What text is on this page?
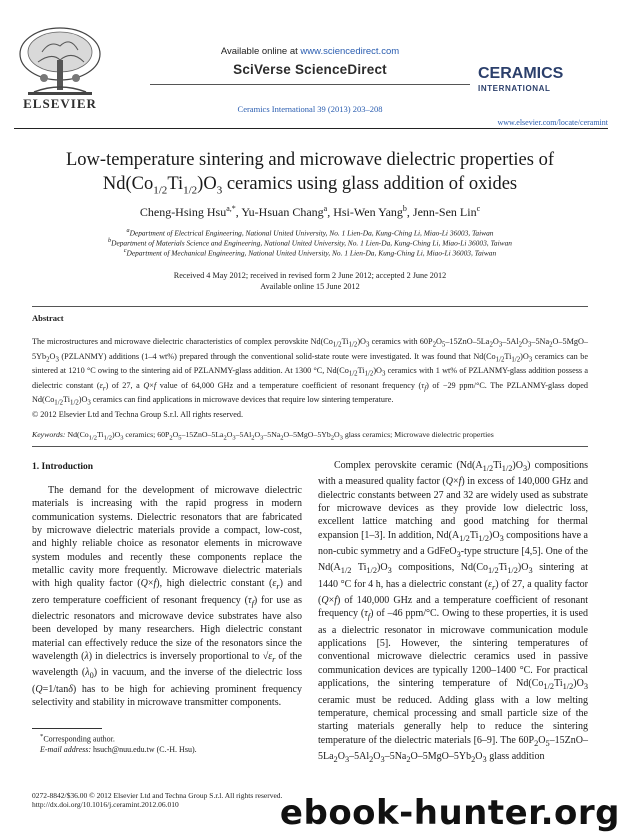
ELSEVIER
Available online at www.sciencedirect.com
SciVerse ScienceDirect
Ceramics International 39 (2013) 203–208
CERAMICS
INTERNATIONAL
www.elsevier.com/locate/ceramint
Low-temperature sintering and microwave dielectric properties of
$Nd(Co_{1/2}Ti_{1/2})O_3$ ceramics using glass addition of oxides
Cheng-Hsing Hsu$^{a,*}$, Yu-Hsuan Chang$^a$, Hsi-Wen Yang$^b$, Jenn-Sen Lin$^c$
$^a$Department of Electrical Engineering, National United University, No. 1 Lien-Da, Kung-Ching Li, Miao-Li 36003, Taiwan
$^b$Department of Materials Science and Engineering, National United University, No. 1 Lien-Da, Kung-Ching Li, Miao-Li 36003, Taiwan
$^c$Department of Mechanical Engineering, National United University, No. 1 Lien-Da, Kung-Ching Li, Miao-Li 36003, Taiwan
Received 4 May 2012; received in revised form 2 June 2012; accepted 2 June 2012
Available online 15 June 2012
Abstract
The microstructures and microwave dielectric characteristics of complex perovskite $Nd(Co_{1/2}Ti_{1/2})O_3$ ceramics with $60P_2O_5-15ZnO-5La_2O_3-5Al_2O_3-5Na_2O-5MgO-5Yb_2O_3$ (PZLANMY) additions (1–4 wt%) prepared through the conventional solid-state route were investigated. It was found that $Nd(Co_{1/2}Ti_{1/2})O_3$ ceramics can be sintered at 1210 °C owing to the sintering aid of PZLANMY-glass addition. At 1300 °C, $Nd(Co_{1/2}Ti_{1/2})O_3$ ceramics with 1 wt% of PZLANMY-glass addition possess a dielectric constant $(\varepsilon_r)$ of 27, a Q×f value of 64,000 GHz and a temperature coefficient of resonant frequency $(\tau_f)$ of −29 ppm/°C. The PZLANMY-glass doped $Nd(Co_{1/2}Ti_{1/2})O_3$ ceramics can find applications in microwave devices that require low sintering temperature.
© 2012 Elsevier Ltd and Techna Group S.r.l. All rights reserved.
Keywords: $Nd(Co_{1/2}Ti_{1/2})O_3$ ceramics; $60P_2O_5-15ZnO-5La_2O_3-5Al_2O_3-5Na_2O-5MgO-5Yb_2O_3$ glass ceramics; Microwave dielectric properties
1. Introduction

The demand for the development of microwave dielectric materials is increasing with the rapid progress in modern communication systems. Dielectric resonators that are fabricated by microwave dielectric materials provide a compact, low-cost, and highly reliable choice as resonator elements in microwave system modules and recently these components replace the metallic cavity more frequently. Microwave dielectric materials with high quality factor (Q×f), high dielectric constant $(\varepsilon_r)$ and zero temperature coefficient of resonant frequency $(\tau_f)$ for use as dielectric resonators and microwave device substrates have also been developed by many researchers. High dielectric constant material can effectively reduce the size of the resonators since the wavelength (λ) in dielectrics is inversely proportional to $√\varepsilon_r$ of the wavelength $(\lambda_0)$ in vacuum, and the inverse of the dielectric loss (Q=1/tanδ) has to be high for achieving prominent frequency selectivity and stability in microwave transmitter components.

*Corresponding author.
E-mail address: hsuch@nuu.edu.tw (C.-H. Hsu).

Complex perovskite ceramic $(Nd(A_{1/2}Ti_{1/2})O_3)$ compositions with a measured quality factor (Q×f) in excess of 140,000 GHz and dielectric constants between 27 and 32 are widely used as substrate for microwave devices as they provide low dielectric loss, excellent lattice matching and good matching for thermal expansion [1–3]. In addition, $Nd(A_{1/2}Ti_{1/2})O_3$ compositions have a non-cubic symmetry and a GdFeO$_3$-type structure [4,5]. One of the $Nd(A_{1/2}$ $Ti_{1/2})O_3$ compositions, $Nd(Co_{1/2}Ti_{1/2})O_3$ sintering at 1440 °C for 4 h, has a dielectric constant $(\varepsilon_r)$ of 27, a quality factor (Q×f) of 140,000 GHz and a temperature coefficient of resonant frequency $(\tau_f)$ of –46 ppm/°C. Owing to these properties, it is used as a dielectric resonator in microwave communication module applications [5]. However, the sintering temperatures of conventional microwave dielectric ceramics used in passive communication devices are typically 1200–1400 °C. For practical applications, the sintering temperature of $Nd(Co_{1/2}Ti_{1/2})O_3$ ceramic must be reduced. Adding glass with a low melting temperature, chemical processing and small particle size of the starting materials generally help to reduce the sintering temperature of the dielectric materials [6–9]. The $60P_2O_5-15ZnO-5La_2O_3-5Al_2O_3-5Na_2O-5MgO-5Yb_2O_3$ glass addition

0272-8842/$36.00 © 2012 Elsevier Ltd and Techna Group S.r.l. All rights reserved.
http://dx.doi.org/10.1016/j.ceramint.2012.06.010	ebook-hunter.org
